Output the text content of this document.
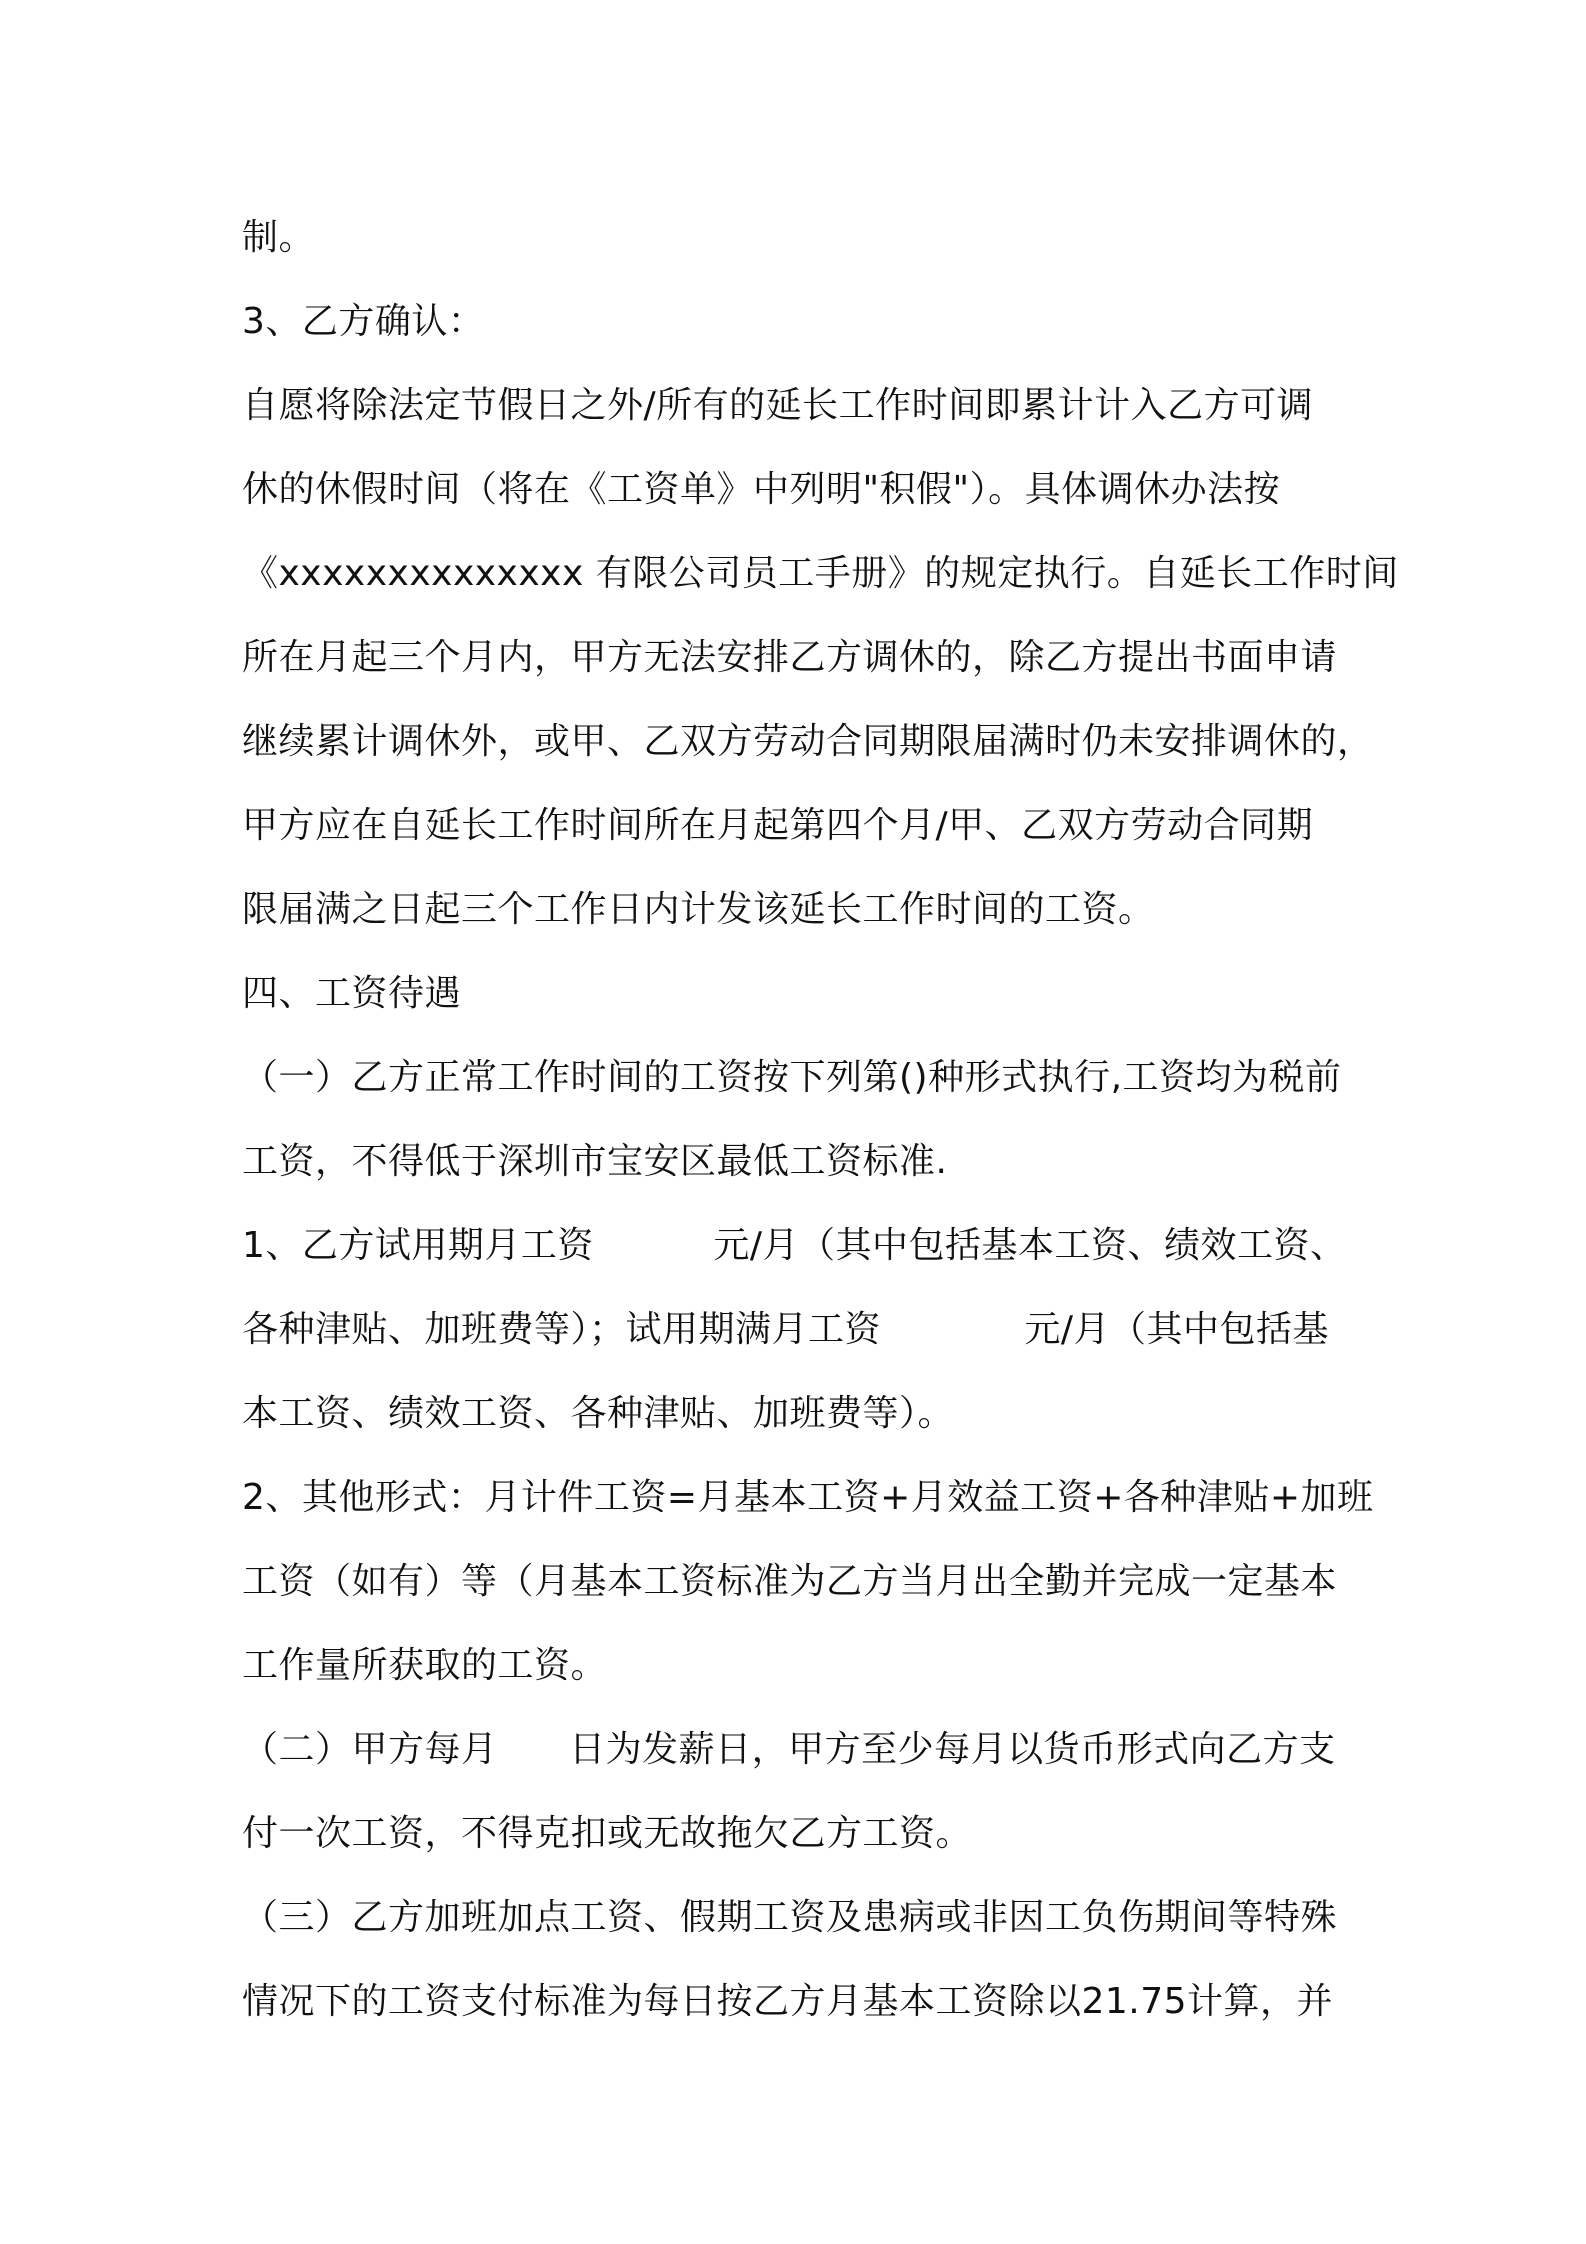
制。
3、乙方确认：
自愿将除法定节假日之外/所有的延长工作时间即累计计入乙方可调
休的休假时间（将在《工资单》中列明"积假"）。具体调休办法按
《xxxxxxxxxxxxxx 有限公司员工手册》的规定执行。自延长工作时间
所在月起三个月内，甲方无法安排乙方调休的，除乙方提出书面申请
继续累计调休外，或甲、乙双方劳动合同期限届满时仍未安排调休的，
甲方应在自延长工作时间所在月起第四个月/甲、乙双方劳动合同期
限届满之日起三个工作日内计发该延长工作时间的工资。
四、工资待遇
（一）乙方正常工作时间的工资按下列第()种形式执行,工资均为税前
工资，不得低于深圳市宝安区最低工资标准.
1、乙方试用期月工资          元/月（其中包括基本工资、绩效工资、
各种津贴、加班费等）；试用期满月工资            元/月（其中包括基
本工资、绩效工资、各种津贴、加班费等）。
2、其他形式：月计件工资=月基本工资+月效益工资+各种津贴+加班
工资（如有）等（月基本工资标准为乙方当月出全勤并完成一定基本
工作量所获取的工资。
（二）甲方每月      日为发薪日，甲方至少每月以货币形式向乙方支
付一次工资，不得克扣或无故拖欠乙方工资。
（三）乙方加班加点工资、假期工资及患病或非因工负伤期间等特殊
情况下的工资支付标准为每日按乙方月基本工资除以21.75计算，并
